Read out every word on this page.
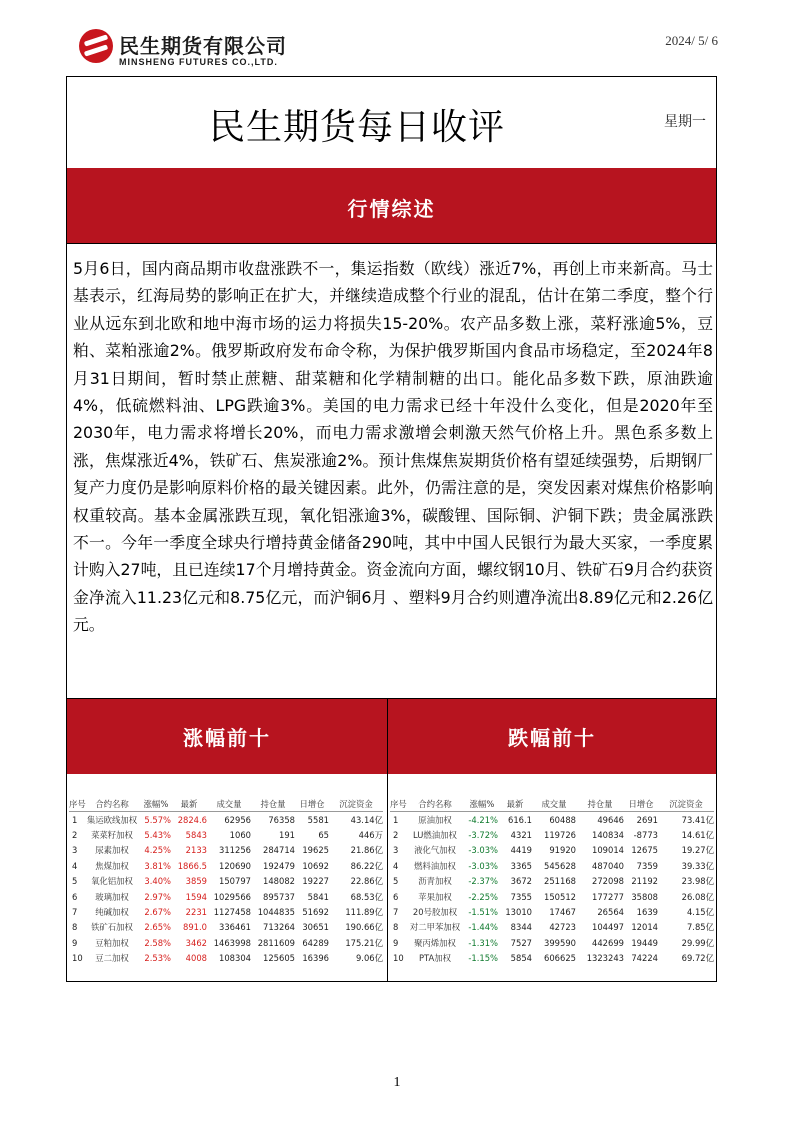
民生期货有限公司
MINSHENG FUTURES CO.,LTD.
2024/ 5/ 6
民生期货每日收评	星期一
行情综述
5月6日，国内商品期市收盘涨跌不一，集运指数（欧线）涨近7%，再创上市来新高。马士基表示，红海局势的影响正在扩大，并继续造成整个行业的混乱，估计在第二季度，整个行业从远东到北欧和地中海市场的运力将损失15-20%。农产品多数上涨，菜籽涨逾5%，豆粕、菜粕涨逾2%。俄罗斯政府发布命令称，为保护俄罗斯国内食品市场稳定，至2024年8月31日期间，暂时禁止蔗糖、甜菜糖和化学精制糖的出口。能化品多数下跌，原油跌逾4%，低硫燃料油、LPG跌逾3%。美国的电力需求已经十年没什么变化，但是2020年至2030年，电力需求将增长20%，而电力需求激增会刺激天然气价格上升。黑色系多数上涨，焦煤涨近4%，铁矿石、焦炭涨逾2%。预计焦煤焦炭期货价格有望延续强势，后期钢厂复产力度仍是影响原料价格的最关键因素。此外，仍需注意的是，突发因素对煤焦价格影响权重较高。基本金属涨跌互现，氧化铝涨逾3%，碳酸锂、国际铜、沪铜下跌；贵金属涨跌不一。今年一季度全球央行增持黄金储备290吨，其中中国人民银行为最大买家，一季度累计购入27吨，且已连续17个月增持黄金。资金流向方面，螺纹钢10月、铁矿石9月合约获资金净流入11.23亿元和8.75亿元，而沪铜6月 、塑料9月合约则遭净流出8.89亿元和2.26亿元。
涨幅前十
序号	合约名称	涨幅%	最新	成交量	持仓量	日增仓	沉淀资金
1	集运欧线加权	5.57%	2824.6	62956	76358	5581	43.14亿
2	菜菜籽加权	5.43%	5843	1060	191	65	446万
3	尿素加权	4.25%	2133	311256	284714	19625	21.86亿
4	焦煤加权	3.81%	1866.5	120690	192479	10692	86.22亿
5	氧化铝加权	3.40%	3859	150797	148082	19227	22.86亿
6	玻璃加权	2.97%	1594	1029566	895737	5841	68.53亿
7	纯碱加权	2.67%	2231	1127458	1044835	51692	111.89亿
8	铁矿石加权	2.65%	891.0	336461	713264	30651	190.66亿
9	豆粕加权	2.58%	3462	1463998	2811609	64289	175.21亿
10	豆二加权	2.53%	4008	108304	125605	16396	9.06亿
跌幅前十
序号	合约名称	涨幅%	最新	成交量	持仓量	日增仓	沉淀资金
1	原油加权	-4.21%	616.1	60488	49646	2691	73.41亿
2	LU燃油加权	-3.72%	4321	119726	140834	-8773	14.61亿
3	液化气加权	-3.03%	4419	91920	109014	12675	19.27亿
4	燃料油加权	-3.03%	3365	545628	487040	7359	39.33亿
5	沥青加权	-2.37%	3672	251168	272098	21192	23.98亿
6	苹果加权	-2.25%	7355	150512	177277	35808	26.08亿
7	20号胶加权	-1.51%	13010	17467	26564	1639	4.15亿
8	对二甲苯加权	-1.44%	8344	42723	104497	12014	7.85亿
9	聚丙烯加权	-1.31%	7527	399590	442699	19449	29.99亿
10	PTA加权	-1.15%	5854	606625	1323243	74224	69.72亿
1
